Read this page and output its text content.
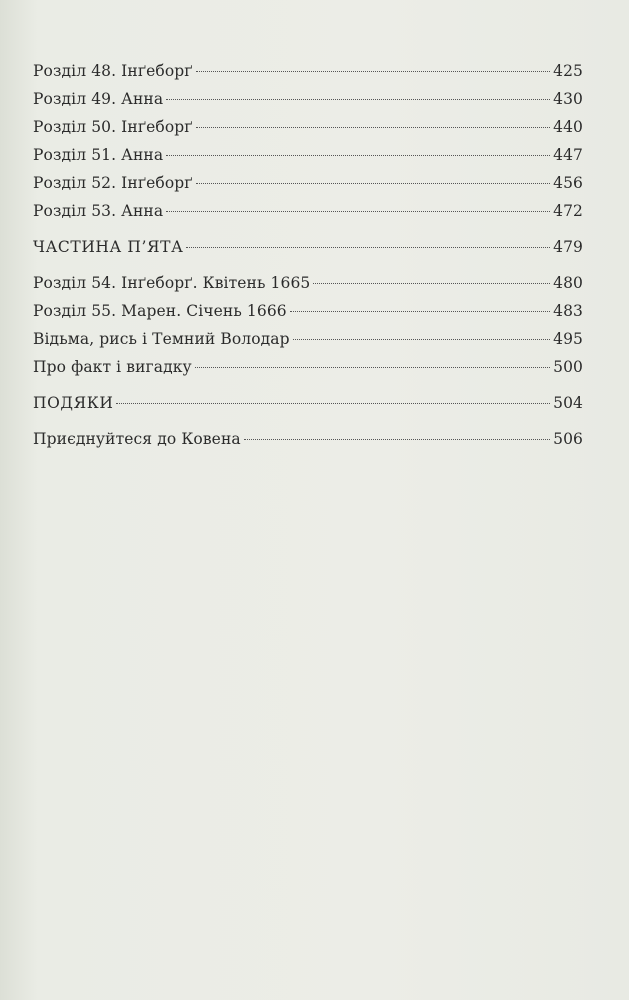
Розділ 48. Інґеборґ	425
Розділ 49. Анна	430
Розділ 50. Інґеборґ	440
Розділ 51. Анна	447
Розділ 52. Інґеборґ	456
Розділ 53. Анна	472
ЧАСТИНА П’ЯТА	479
Розділ 54. Інґеборґ. Квітень 1665	480
Розділ 55. Марен. Січень 1666	483
Відьма, рись і Темний Володар	495
Про факт і вигадку	500
ПОДЯКИ	504
Приєднуйтеся до Ковена	506
